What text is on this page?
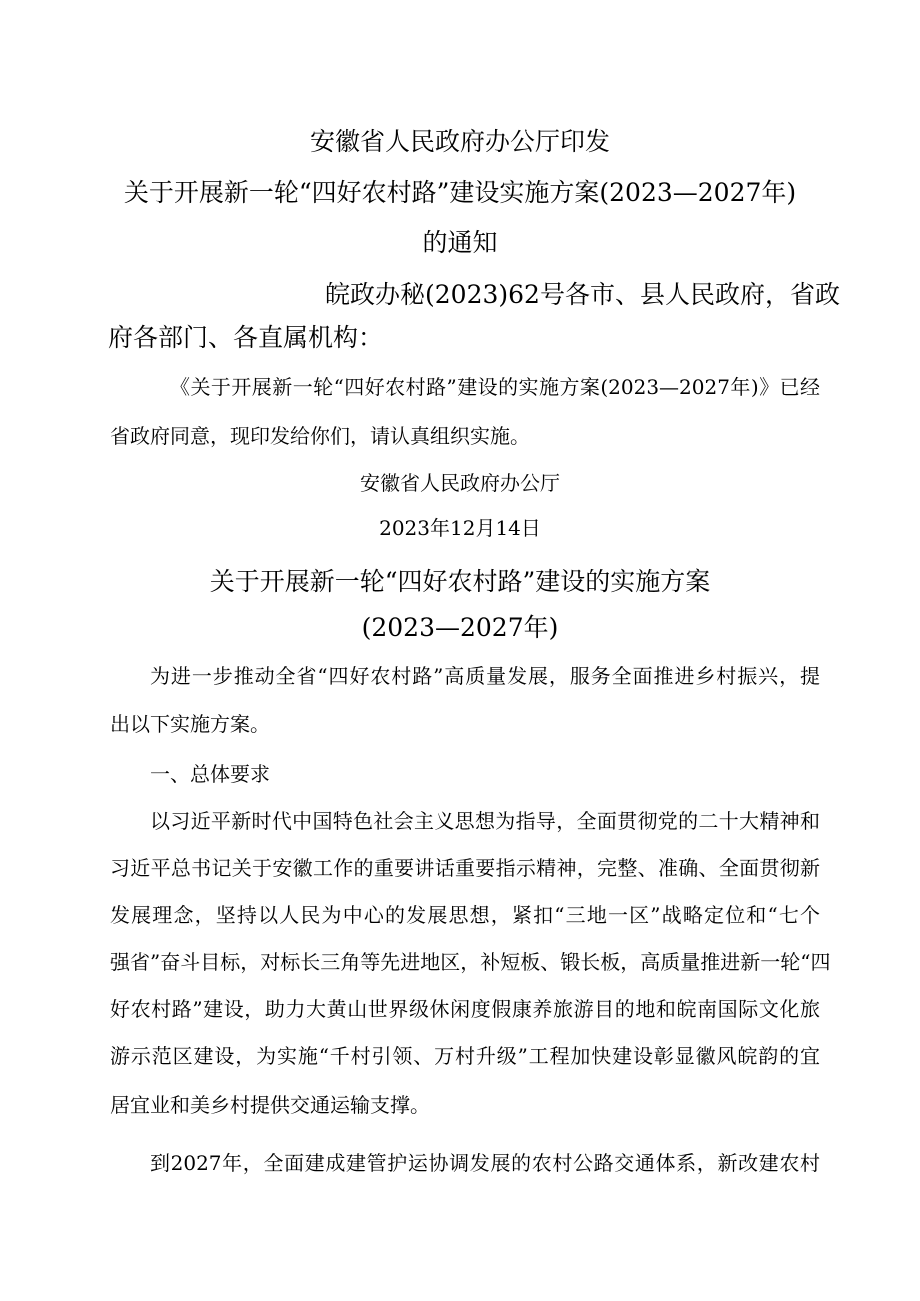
安徽省人民政府办公厅印发
关于开展新一轮“四好农村路”建设实施方案(2023—2027年)
的通知
皖政办秘(2023)62号各市、县人民政府，省政
府各部门、各直属机构：
《关于开展新一轮“四好农村路”建设的实施方案(2023—2027年)》已经
省政府同意，现印发给你们，请认真组织实施。
安徽省人民政府办公厅
2023年12月14日
关于开展新一轮“四好农村路”建设的实施方案
(2023—2027年)
为进一步推动全省“四好农村路”高质量发展，服务全面推进乡村振兴，提
出以下实施方案。
一、总体要求
以习近平新时代中国特色社会主义思想为指导，全面贯彻党的二十大精神和
习近平总书记关于安徽工作的重要讲话重要指示精神，完整、准确、全面贯彻新
发展理念，坚持以人民为中心的发展思想，紧扣“三地一区”战略定位和“七个
强省”奋斗目标，对标长三角等先进地区，补短板、锻长板，高质量推进新一轮“四
好农村路”建设，助力大黄山世界级休闲度假康养旅游目的地和皖南国际文化旅
游示范区建设，为实施“千村引领、万村升级”工程加快建设彰显徽风皖韵的宜
居宜业和美乡村提供交通运输支撑。
到2027年，全面建成建管护运协调发展的农村公路交通体系，新改建农村
